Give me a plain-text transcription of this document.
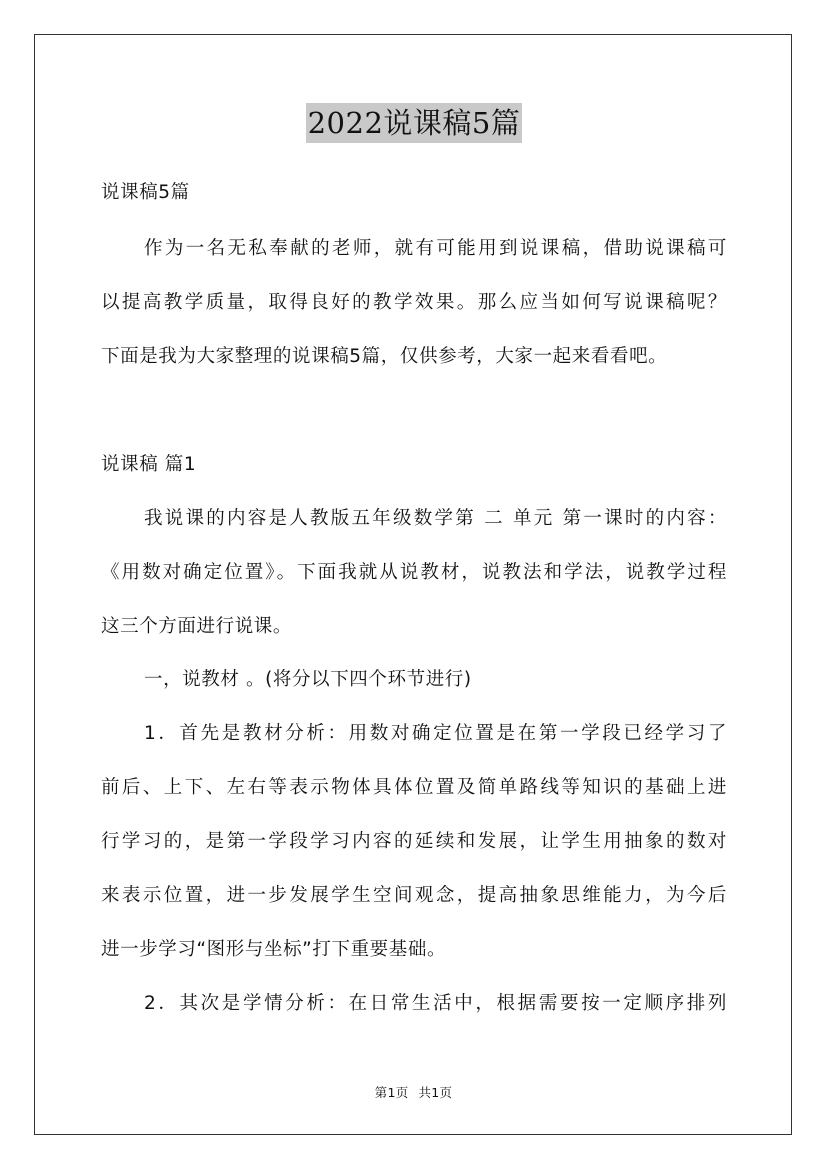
2022说课稿5篇
说课稿5篇
作为一名无私奉献的老师，就有可能用到说课稿，借助说课稿可
以提高教学质量，取得良好的教学效果。那么应当如何写说课稿呢？
下面是我为大家整理的说课稿5篇，仅供参考，大家一起来看看吧。
说课稿 篇1
我说课的内容是人教版五年级数学第 二 单元 第一课时的内容：
《用数对确定位置》。下面我就从说教材，说教法和学法，说教学过程
这三个方面进行说课。
一，说教材 。(将分以下四个环节进行)
1．首先是教材分析：用数对确定位置是在第一学段已经学习了
前后、上下、左右等表示物体具体位置及简单路线等知识的基础上进
行学习的，是第一学段学习内容的延续和发展，让学生用抽象的数对
来表示位置，进一步发展学生空间观念，提高抽象思维能力，为今后
进一步学习“图形与坐标”打下重要基础。
2．其次是学情分析：在日常生活中，根据需要按一定顺序排列
第1页 共1页
